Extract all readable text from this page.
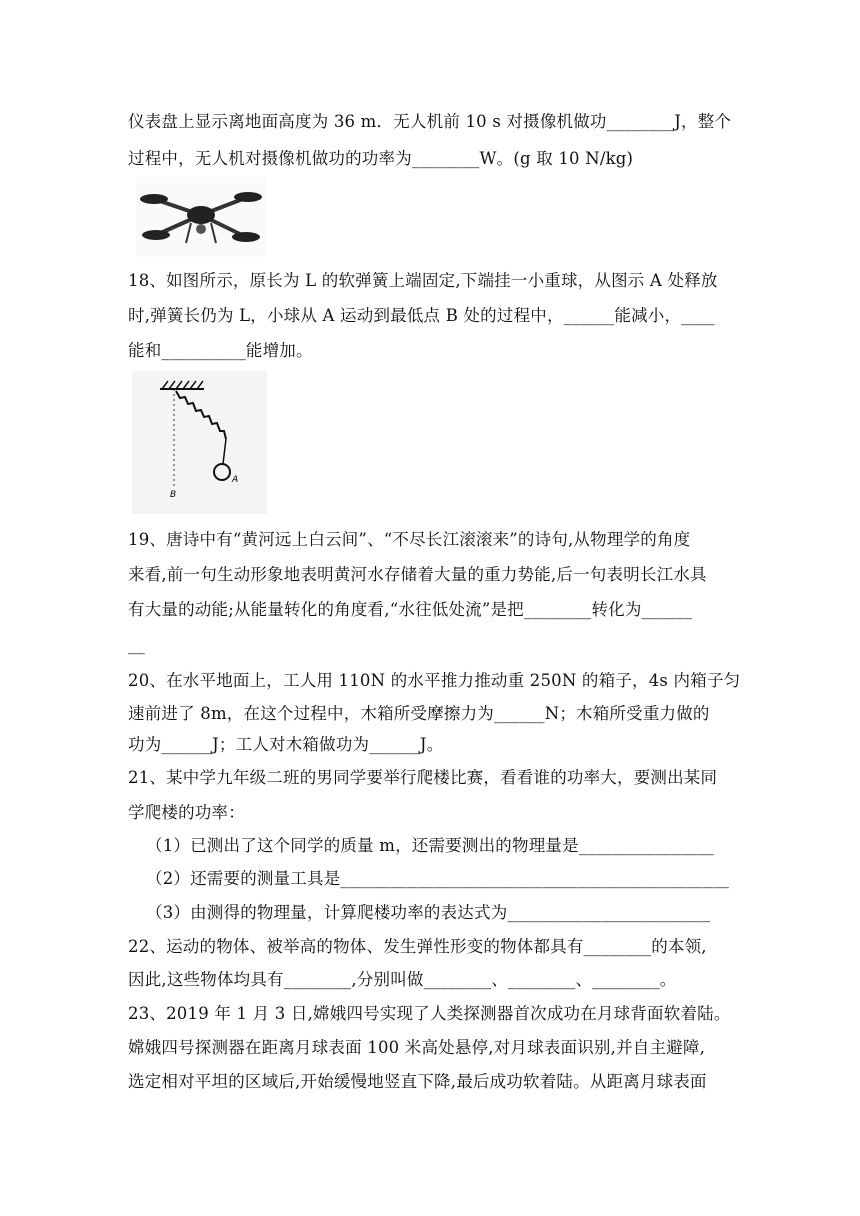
仪表盘上显示离地面高度为 36 m．无人机前 10 s 对摄像机做功________J，整个
过程中，无人机对摄像机做功的功率为________W。(g 取 10 N/kg)
18、如图所示，原长为 L 的软弹簧上端固定,下端挂一小重球，从图示 A 处释放
时,弹簧长仍为 L，小球从 A 运动到最低点 B 处的过程中，______能减小，____
能和__________能增加。
A
B
19、唐诗中有“黄河远上白云间”、“不尽长江滚滚来”的诗句,从物理学的角度
来看,前一句生动形象地表明黄河水存储着大量的重力势能,后一句表明长江水具
有大量的动能;从能量转化的角度看,“水往低处流”是把________转化为______
__
20、在水平地面上，工人用 110N 的水平推力推动重 250N 的箱子，4s 内箱子匀
速前进了 8m，在这个过程中，木箱所受摩擦力为______N；木箱所受重力做的
功为______J；工人对木箱做功为______J。
21、某中学九年级二班的男同学要举行爬楼比赛，看看谁的功率大，要测出某同
学爬楼的功率：
（1）已测出了这个同学的质量 m，还需要测出的物理量是________________
（2）还需要的测量工具是______________________________________________
（3）由测得的物理量，计算爬楼功率的表达式为________________________
22、运动的物体、被举高的物体、发生弹性形变的物体都具有________的本领,
因此,这些物体均具有________,分别叫做________、________、________。
23、2019 年 1 月 3 日,嫦娥四号实现了人类探测器首次成功在月球背面软着陆。
嫦娥四号探测器在距离月球表面 100 米高处悬停,对月球表面识别,并自主避障,
选定相对平坦的区域后,开始缓慢地竖直下降,最后成功软着陆。从距离月球表面
